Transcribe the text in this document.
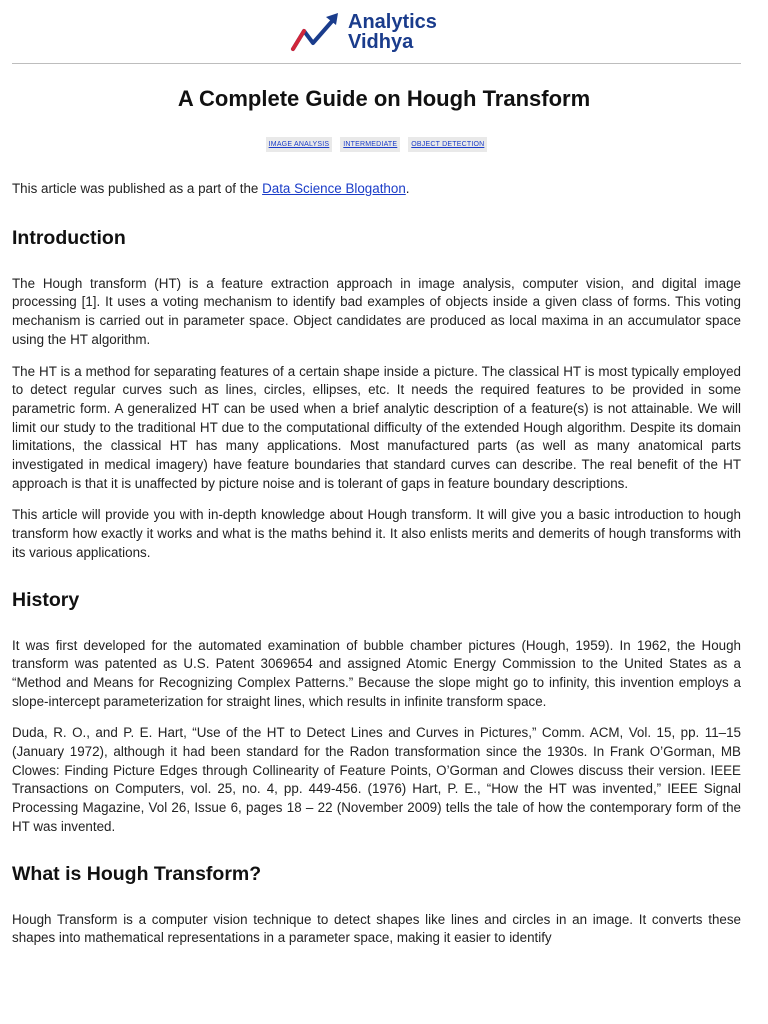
Analytics
Vidhya
A Complete Guide on Hough Transform
IMAGE ANALYSIS	INTERMEDIATE	OBJECT DETECTION

This article was published as a part of the Data Science Blogathon.

Introduction

The Hough transform (HT) is a feature extraction approach in image analysis, computer vision, and digital image processing [1]. It uses a voting mechanism to identify bad examples of objects inside a given class of forms. This voting mechanism is carried out in parameter space. Object candidates are produced as local maxima in an accumulator space using the HT algorithm.

The HT is a method for separating features of a certain shape inside a picture. The classical HT is most typically employed to detect regular curves such as lines, circles, ellipses, etc. It needs the required features to be provided in some parametric form. A generalized HT can be used when a brief analytic description of a feature(s) is not attainable. We will limit our study to the traditional HT due to the computational difficulty of the extended Hough algorithm. Despite its domain limitations, the classical HT has many applications. Most manufactured parts (as well as many anatomical parts investigated in medical imagery) have feature boundaries that standard curves can describe. The real benefit of the HT approach is that it is unaffected by picture noise and is tolerant of gaps in feature boundary descriptions.

This article will provide you with in-depth knowledge about Hough transform. It will give you a basic introduction to hough transform how exactly it works and what is the maths behind it. It also enlists merits and demerits of hough transforms with its various applications.

History

It was first developed for the automated examination of bubble chamber pictures (Hough, 1959). In 1962, the Hough transform was patented as U.S. Patent 3069654 and assigned Atomic Energy Commission to the United States as a “Method and Means for Recognizing Complex Patterns.” Because the slope might go to infinity, this invention employs a slope-intercept parameterization for straight lines, which results in infinite transform space.

Duda, R. O., and P. E. Hart, “Use of the HT to Detect Lines and Curves in Pictures,” Comm. ACM, Vol. 15, pp. 11–15 (January 1972), although it had been standard for the Radon transformation since the 1930s. In Frank O’Gorman, MB Clowes: Finding Picture Edges through Collinearity of Feature Points, O’Gorman and Clowes discuss their version. IEEE Transactions on Computers, vol. 25, no. 4, pp. 449-456. (1976) Hart, P. E., “How the HT was invented,” IEEE Signal Processing Magazine, Vol 26, Issue 6, pages 18 – 22 (November 2009) tells the tale of how the contemporary form of the HT was invented.

What is Hough Transform?

Hough Transform is a computer vision technique to detect shapes like lines and circles in an image. It converts these shapes into mathematical representations in a parameter space, making it easier to identify
